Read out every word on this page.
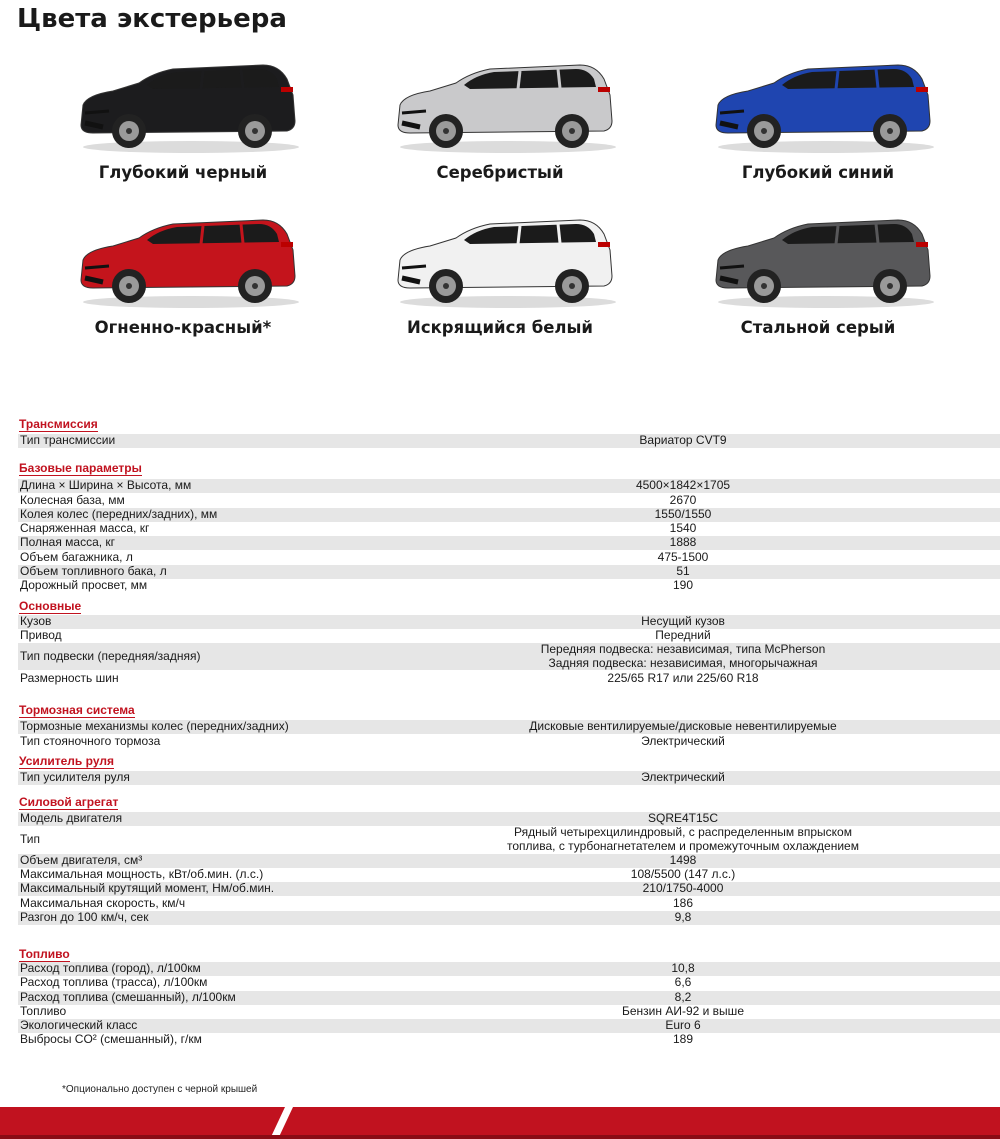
Цвета экстерьера
Глубокий черный	Серебристый	Глубокий синий
Огненно-красный*	Искрящийся белый	Стальной серый
Трансмиссия
Тип трансмиссии	Вариатор CVT9
Базовые параметры
Длина × Ширина × Высота, мм	4500×1842×1705
Колесная база, мм	2670
Колея колес (передних/задних), мм	1550/1550
Снаряженная масса, кг	1540
Полная масса, кг	1888
Объем багажника, л	475-1500
Объем топливного бака, л	51
Дорожный просвет, мм	190
Основные
Кузов	Несущий кузов
Привод	Передний
Тип подвески (передняя/задняя)	Передняя подвеска: независимая, типа McPherson
Задняя подвеска: независимая, многорычажная
Размерность шин	225/65 R17 или 225/60 R18
Тормозная система
Тормозные механизмы колес (передних/задних)	Дисковые вентилируемые/дисковые невентилируемые
Тип стояночного тормоза	Электрический
Усилитель руля
Тип усилителя руля	Электрический
Силовой агрегат
Модель двигателя	SQRE4T15C
Тип	Рядный четырехцилиндровый, с распределенным впрыском
топлива, с турбонагнетателем и промежуточным охлаждением
Объем двигателя, см³	1498
Максимальная мощность, кВт/об.мин. (л.с.)	108/5500 (147 л.с.)
Максимальный крутящий момент, Нм/об.мин.	210/1750-4000
Максимальная скорость, км/ч	186
Разгон до 100 км/ч, сек	9,8
Топливо
Расход топлива (город), л/100км	10,8
Расход топлива (трасса), л/100км	6,6
Расход топлива (смешанный), л/100км	8,2
Топливо	Бензин АИ-92 и выше
Экологический класс	Euro 6
Выбросы CO² (смешанный), г/км	189
*Опционально доступен с черной крышей
